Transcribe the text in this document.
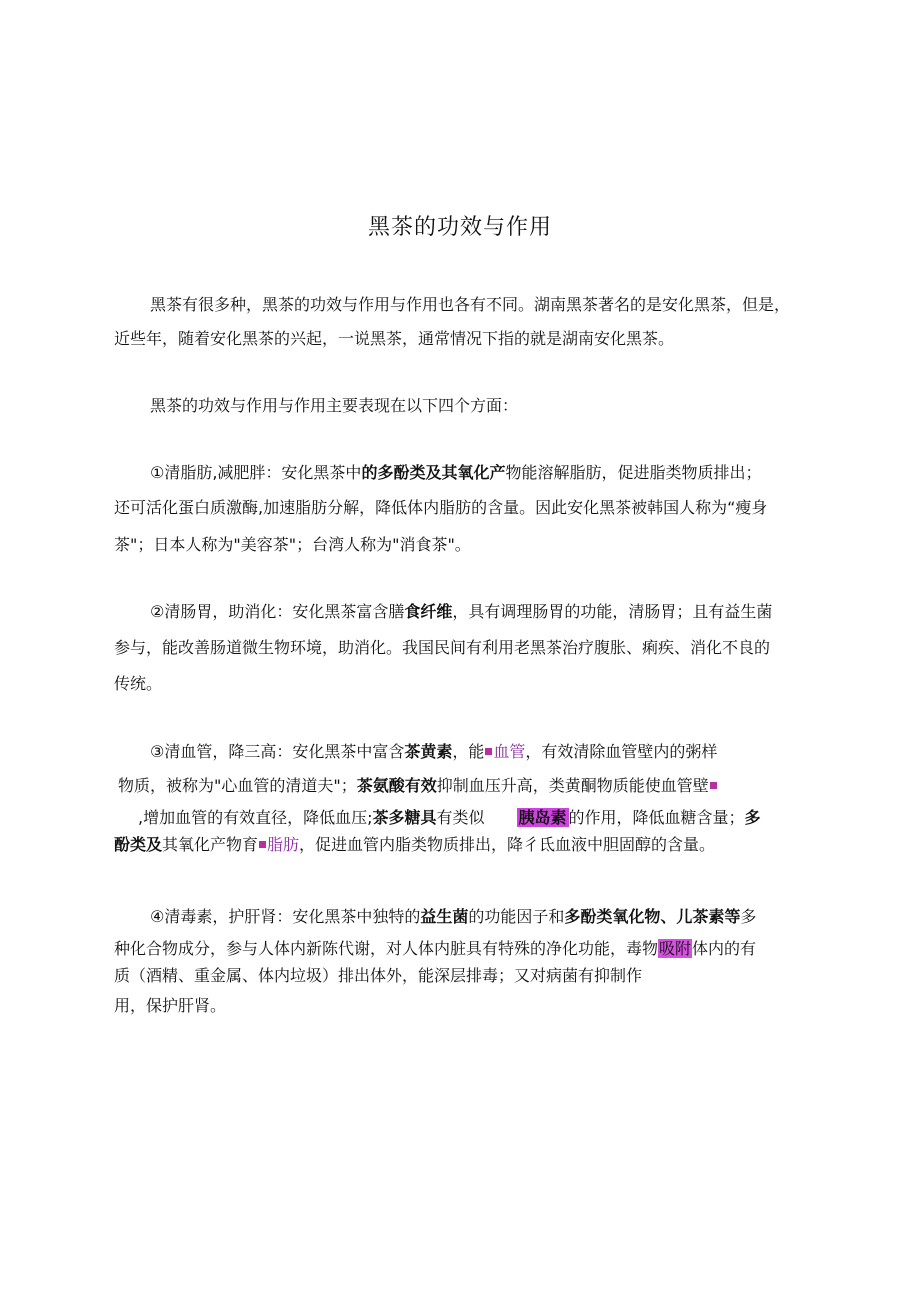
黑茶的功效与作用
黑茶有很多种，黑茶的功效与作用与作用也各有不同。湖南黑茶著名的是安化黑茶，但是，
近些年，随着安化黑茶的兴起，一说黑茶，通常情况下指的就是湖南安化黑茶。
黑茶的功效与作用与作用主要表现在以下四个方面：
①清脂肪,减肥胖：安化黑茶中的多酚类及其氧化产物能溶解脂肪，促进脂类物质排出；
还可活化蛋白质激酶,加速脂肪分解，降低体内脂肪的含量。因此安化黑茶被韩国人称为“瘦身
茶"；日本人称为"美容茶"；台湾人称为"消食茶"。
②清肠胃，助消化：安化黑茶富含膳食纤维，具有调理肠胃的功能，清肠胃；且有益生菌
参与，能改善肠道微生物环境，助消化。我国民间有利用老黑茶治疗腹胀、痢疾、消化不良的
传统。
③清血管，降三高：安化黑茶中富含茶黄素，能 血管，有效清除血管壁内的粥样
物质，被称为"心血管的清道夫"；茶氨酸有效抑制血压升高，类黄酮物质能使血管壁
,增加血管的有效直径，降低血压;茶多糖具有类似 胰岛素 的作用，降低血糖含量；多
酚类及其氧化产物育 脂肪，促进血管内脂类物质排出，降彳氐血液中胆固醇的含量。
④清毒素，护肝肾：安化黑茶中独特的益生菌的功能因子和多酚类氧化物、儿茶素等多
种化合物成分，参与人体内新陈代谢，对人体内脏具有特殊的净化功能，毒物吸附体内的有
质（酒精、重金属、体内垃圾）排出体外，能深层排毒；又对病菌有抑制作
用，保护肝肾。
